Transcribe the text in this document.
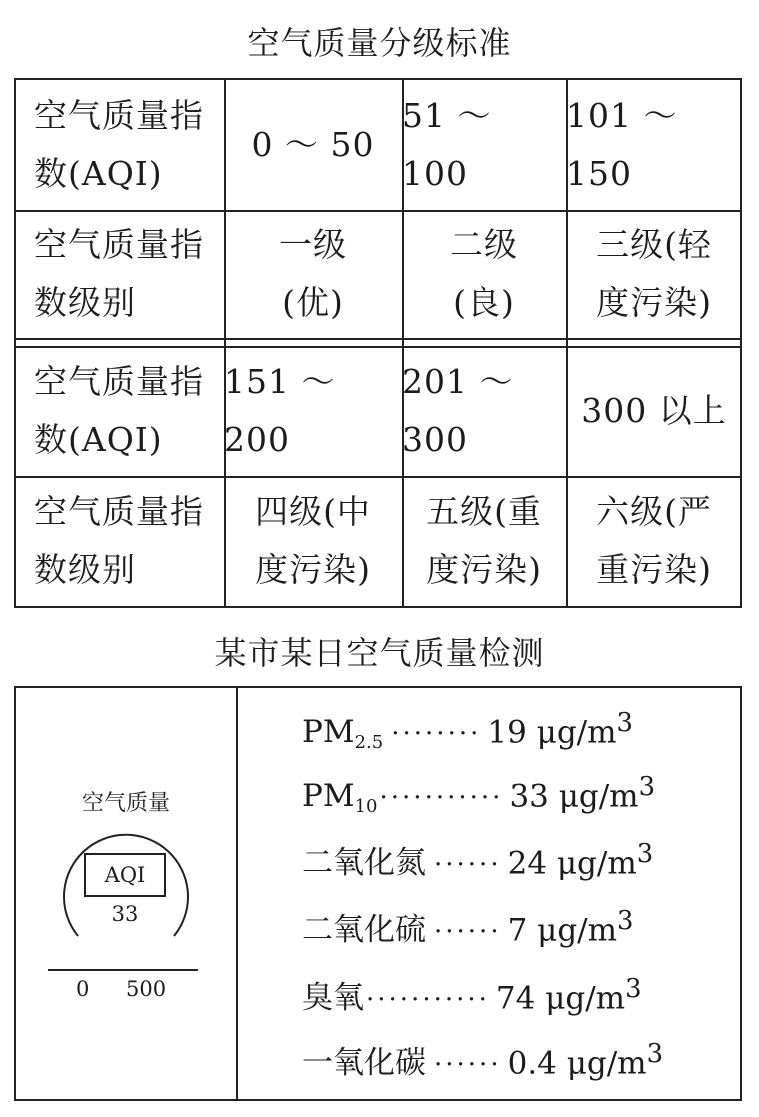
空气质量分级标准
空气质量指
数(AQI)
0 ～ 50
51 ～ 100
101 ～ 150
空气质量指
数级别
一级
(优)
二级
(良)
三级(轻
度污染)
空气质量指
数(AQI)
151 ～ 200
201 ～ 300
300 以上
空气质量指
数级别
四级(中
度污染)
五级(重
度污染)
六级(严
重污染)
某市某日空气质量检测
空气质量
AQI
33
0 500
$PM_{2.5}$ ········ 19 $\mu g/m^3$
$PM_{10}$ ··········· 33 $\mu g/m^3$
二氧化氮 ······ 24 $\mu g/m^3$
二氧化硫 ······ 7 $\mu g/m^3$
臭氧 ··········· 74 $\mu g/m^3$
一氧化碳 ······ 0.4 $\mu g/m^3$
